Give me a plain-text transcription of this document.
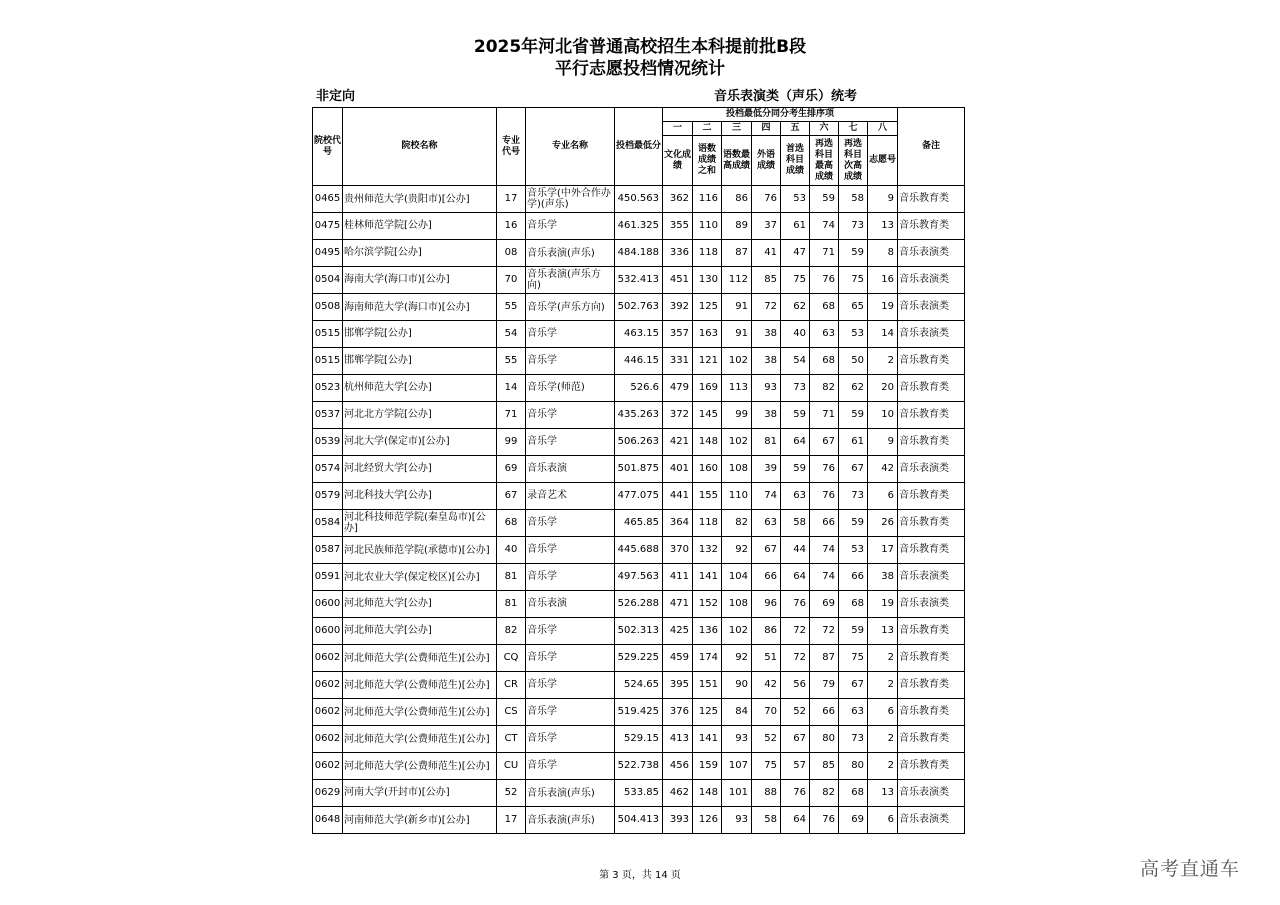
2025年河北省普通高校招生本科提前批B段
平行志愿投档情况统计
非定向	音乐表演类（声乐）统考
院校代号	院校名称	专业代号	专业名称	投档最低分	投档最低分同分考生排序项								备注
					一	二	三	四	五	六	七	八	
					文化成绩	语数成绩之和	语数最高成绩	外语成绩	首选科目成绩	再选科目最高成绩	再选科目次高成绩	志愿号	
0465	贵州师范大学(贵阳市)[公办]	17	音乐学(中外合作办学)(声乐)	450.563	362	116	86	76	53	59	58	9	音乐教育类
0475	桂林师范学院[公办]	16	音乐学	461.325	355	110	89	37	61	74	73	13	音乐教育类
0495	哈尔滨学院[公办]	08	音乐表演(声乐)	484.188	336	118	87	41	47	71	59	8	音乐表演类
0504	海南大学(海口市)[公办]	70	音乐表演(声乐方向)	532.413	451	130	112	85	75	76	75	16	音乐表演类
0508	海南师范大学(海口市)[公办]	55	音乐学(声乐方向)	502.763	392	125	91	72	62	68	65	19	音乐表演类
0515	邯郸学院[公办]	54	音乐学	463.15	357	163	91	38	40	63	53	14	音乐表演类
0515	邯郸学院[公办]	55	音乐学	446.15	331	121	102	38	54	68	50	2	音乐教育类
0523	杭州师范大学[公办]	14	音乐学(师范)	526.6	479	169	113	93	73	82	62	20	音乐教育类
0537	河北北方学院[公办]	71	音乐学	435.263	372	145	99	38	59	71	59	10	音乐教育类
0539	河北大学(保定市)[公办]	99	音乐学	506.263	421	148	102	81	64	67	61	9	音乐教育类
0574	河北经贸大学[公办]	69	音乐表演	501.875	401	160	108	39	59	76	67	42	音乐表演类
0579	河北科技大学[公办]	67	录音艺术	477.075	441	155	110	74	63	76	73	6	音乐教育类
0584	河北科技师范学院(秦皇岛市)[公办]	68	音乐学	465.85	364	118	82	63	58	66	59	26	音乐教育类
0587	河北民族师范学院(承德市)[公办]	40	音乐学	445.688	370	132	92	67	44	74	53	17	音乐教育类
0591	河北农业大学(保定校区)[公办]	81	音乐学	497.563	411	141	104	66	64	74	66	38	音乐表演类
0600	河北师范大学[公办]	81	音乐表演	526.288	471	152	108	96	76	69	68	19	音乐表演类
0600	河北师范大学[公办]	82	音乐学	502.313	425	136	102	86	72	72	59	13	音乐教育类
0602	河北师范大学(公费师范生)[公办]	CQ	音乐学	529.225	459	174	92	51	72	87	75	2	音乐教育类
0602	河北师范大学(公费师范生)[公办]	CR	音乐学	524.65	395	151	90	42	56	79	67	2	音乐教育类
0602	河北师范大学(公费师范生)[公办]	CS	音乐学	519.425	376	125	84	70	52	66	63	6	音乐教育类
0602	河北师范大学(公费师范生)[公办]	CT	音乐学	529.15	413	141	93	52	67	80	73	2	音乐教育类
0602	河北师范大学(公费师范生)[公办]	CU	音乐学	522.738	456	159	107	75	57	85	80	2	音乐教育类
0629	河南大学(开封市)[公办]	52	音乐表演(声乐)	533.85	462	148	101	88	76	82	68	13	音乐表演类
0648	河南师范大学(新乡市)[公办]	17	音乐表演(声乐)	504.413	393	126	93	58	64	76	69	6	音乐表演类
第 3 页，共 14 页	高考直通车
